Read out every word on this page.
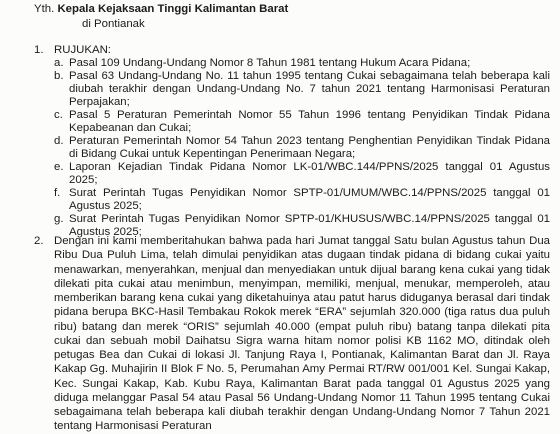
Yth. Kepala Kejaksaan Tinggi Kalimantan Barat
di Pontianak
1. RUJUKAN:
a. Pasal 109 Undang-Undang Nomor 8 Tahun 1981 tentang Hukum Acara Pidana;
b. Pasal 63 Undang-Undang No. 11 tahun 1995 tentang Cukai sebagaimana telah beberapa kali diubah terakhir dengan Undang-Undang No. 7 tahun 2021 tentang Harmonisasi Peraturan Perpajakan;
c. Pasal 5 Peraturan Pemerintah Nomor 55 Tahun 1996 tentang Penyidikan Tindak Pidana Kepabeanan dan Cukai;
d. Peraturan Pemerintah Nomor 54 Tahun 2023 tentang Penghentian Penyidikan Tindak Pidana di Bidang Cukai untuk Kepentingan Penerimaan Negara;
e. Laporan Kejadian Tindak Pidana Nomor LK-01/WBC.144/PPNS/2025 tanggal 01 Agustus 2025;
f. Surat Perintah Tugas Penyidikan Nomor SPTP-01/UMUM/WBC.14/PPNS/2025 tanggal 01 Agustus 2025;
g. Surat Perintah Tugas Penyidikan Nomor SPTP-01/KHUSUS/WBC.14/PPNS/2025 tanggal 01 Agustus 2025;
2. Dengan ini kami memberitahukan bahwa pada hari Jumat tanggal Satu bulan Agustus tahun Dua Ribu Dua Puluh Lima, telah dimulai penyidikan atas dugaan tindak pidana di bidang cukai yaitu menawarkan, menyerahkan, menjual dan menyediakan untuk dijual barang kena cukai yang tidak dilekati pita cukai atau menimbun, menyimpan, memiliki, menjual, menukar, memperoleh, atau memberikan barang kena cukai yang diketahuinya atau patut harus diduganya berasal dari tindak pidana berupa BKC-Hasil Tembakau Rokok merek “ERA” sejumlah 320.000 (tiga ratus dua puluh ribu) batang dan merek “ORIS” sejumlah 40.000 (empat puluh ribu) batang tanpa dilekati pita cukai dan sebuah mobil Daihatsu Sigra warna hitam nomor polisi KB 1162 MO, ditindak oleh petugas Bea dan Cukai di lokasi Jl. Tanjung Raya I, Pontianak, Kalimantan Barat dan Jl. Raya Kakap Gg. Muhajirin II Blok F No. 5, Perumahan Amy Permai RT/RW 001/001 Kel. Sungai Kakap, Kec. Sungai Kakap, Kab. Kubu Raya, Kalimantan Barat pada tanggal 01 Agustus 2025 yang diduga melanggar Pasal 54 atau Pasal 56 Undang-Undang Nomor 11 Tahun 1995 tentang Cukai sebagaimana telah beberapa kali diubah terakhir dengan Undang-Undang Nomor 7 Tahun 2021 tentang Harmonisasi Peraturan
